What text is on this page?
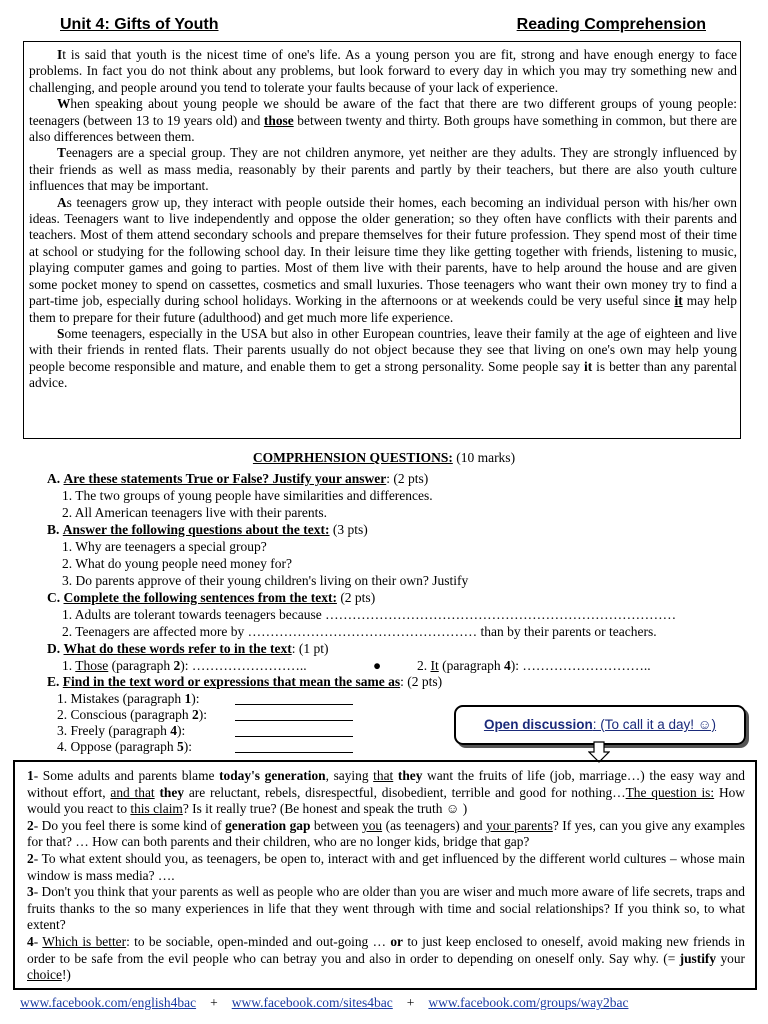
Unit 4: Gifts of Youth	Reading Comprehension

It is said that youth is the nicest time of one's life. As a young person you are fit, strong and have enough energy to face problems. In fact you do not think about any problems, but look forward to every day in which you may try something new and challenging, and people around you tend to tolerate your faults because of your lack of experience.

When speaking about young people we should be aware of the fact that there are two different groups of young people: teenagers (between 13 to 19 years old) and those between twenty and thirty. Both groups have something in common, but there are also differences between them.

Teenagers are a special group. They are not children anymore, yet neither are they adults. They are strongly influenced by their friends as well as mass media, reasonably by their parents and partly by their teachers, but there are also youth culture influences that may be important.

As teenagers grow up, they interact with people outside their homes, each becoming an individual person with his/her own ideas. Teenagers want to live independently and oppose the older generation; so they often have conflicts with their parents and teachers. Most of them attend secondary schools and prepare themselves for their future profession. They spend most of their time at school or studying for the following school day. In their leisure time they like getting together with friends, listening to music, playing computer games and going to parties. Most of them live with their parents, have to help around the house and are given some pocket money to spend on cassettes, cosmetics and small luxuries. Those teenagers who want their own money try to find a part-time job, especially during school holidays. Working in the afternoons or at weekends could be very useful since it may help them to prepare for their future (adulthood) and get much more life experience.

Some teenagers, especially in the USA but also in other European countries, leave their family at the age of eighteen and live with their friends in rented flats. Their parents usually do not object because they see that living on one's own may help young people become responsible and mature, and enable them to get a strong personality. Some people say it is better than any parental advice.

COMPRHENSION QUESTIONS: (10 marks)
A. Are these statements True or False? Justify your answer: (2 pts)
1. The two groups of young people have similarities and differences.
2. All American teenagers live with their parents.
B. Answer the following questions about the text: (3 pts)
1. Why are teenagers a special group?
2. What do young people need money for?
3. Do parents approve of their young children's living on their own? Justify
C. Complete the following sentences from the text: (2 pts)
1. Adults are tolerant towards teenagers because ……………………………………………………………………
2. Teenagers are affected more by …………………………………………… than by their parents or teachers.
D. What do these words refer to in the text: (1 pt)
1. Those (paragraph 2): ……………………..	●	2. It (paragraph 4): ………………………..
E. Find in the text word or expressions that mean the same as: (2 pts)
1. Mistakes (paragraph 1):
2. Conscious (paragraph 2):
3. Freely (paragraph 4):
4. Oppose (paragraph 5):
Open discussion: (To call it a day! ☺)

1- Some adults and parents blame today's generation, saying that they want the fruits of life (job, marriage…) the easy way and without effort, and that they are reluctant, rebels, disrespectful, disobedient, terrible and good for nothing…The question is: How would you react to this claim? Is it really true? (Be honest and speak the truth ☺ )

2- Do you feel there is some kind of generation gap between you (as teenagers) and your parents? If yes, can you give any examples for that? … How can both parents and their children, who are no longer kids, bridge that gap?

2- To what extent should you, as teenagers, be open to, interact with and get influenced by the different world cultures – whose main window is mass media? ….

3- Don't you think that your parents as well as people who are older than you are wiser and much more aware of life secrets, traps and fruits thanks to the so many experiences in life that they went through with time and social relationships? If you think so, to what extent?

4- Which is better: to be sociable, open-minded and out-going … or to just keep enclosed to oneself, avoid making new friends in order to be safe from the evil people who can betray you and also in order to depending on oneself only. Say why. (= justify your choice!)

www.facebook.com/english4bac + www.facebook.com/sites4bac + www.facebook.com/groups/way2bac
